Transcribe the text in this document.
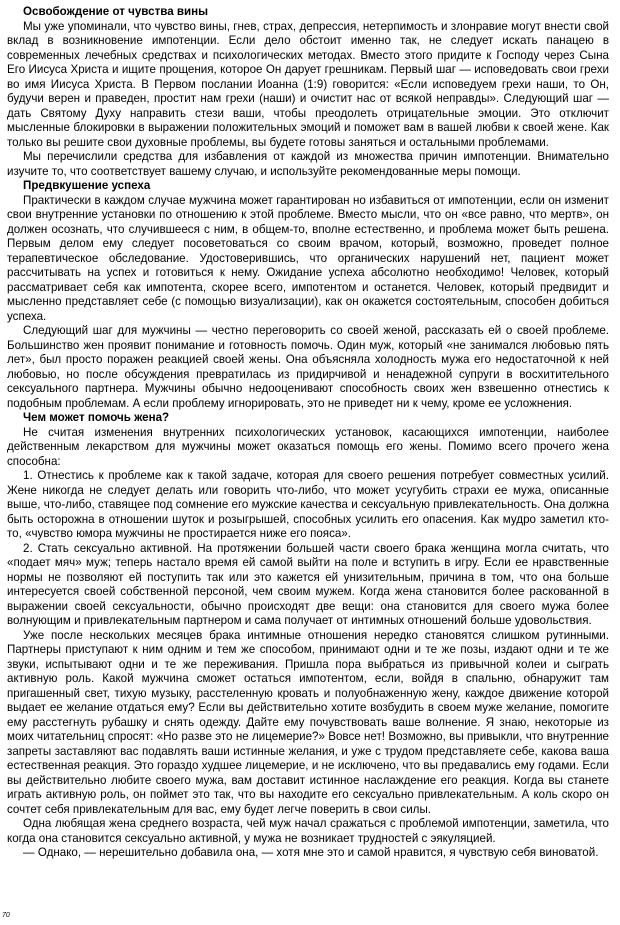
Освобождение от чувства вины

Мы уже упоминали, что чувство вины, гнев, страх, депрессия, нетерпимость и злонравие могут внести свой вклад в возникновение импотенции. Если дело обстоит именно так, не следует искать панацею в современных лечебных средствах и психологических методах. Вместо этого придите к Господу через Сына Его Иисуса Христа и ищите прощения, которое Он дарует грешникам. Первый шаг — исповедовать свои грехи во имя Иисуса Христа. В Первом послании Иоанна (1:9) говорится: «Если исповедуем грехи наши, то Он, будучи верен и праведен, простит нам грехи (наши) и очистит нас от всякой неправды». Следующий шаг — дать Святому Духу направить стези ваши, чтобы преодолеть отрицательные эмоции. Это отключит мысленные блокировки в выражении положительных эмоций и поможет вам в вашей любви к своей жене. Как только вы решите свои духовные проблемы, вы будете готовы заняться и остальными проблемами.

Мы перечислили средства для избавления от каждой из множества причин импотенции. Внимательно изучите то, что соответствует вашему случаю, и используйте рекомендованные меры помощи.

Предвкушение успеха

Практически в каждом случае мужчина может гарантирован но избавиться от импотенции, если он изменит свои внутренние установки по отношению к этой проблеме. Вместо мысли, что он «все равно, что мертв», он должен осознать, что случившееся с ним, в общем-то, вполне естественно, и проблема может быть решена. Первым делом ему следует посоветоваться со своим врачом, который, возможно, проведет полное терапевтическое обследование. Удостоверившись, что органических нарушений нет, пациент может рассчитывать на успех и готовиться к нему. Ожидание успеха абсолютно необходимо! Человек, который рассматривает себя как импотента, скорее всего, импотентом и останется. Человек, который предвидит и мысленно представляет себе (с помощью визуализации), как он окажется состоятельным, способен добиться успеха.

Следующий шаг для мужчины — честно переговорить со своей женой, рассказать ей о своей проблеме. Большинство жен проявит понимание и готовность помочь. Один муж, который «не занимался любовью пять лет», был просто поражен реакцией своей жены. Она объясняла холодность мужа его недостаточной к ней любовью, но после обсуждения превратилась из придирчивой и ненадежной супруги в восхитительного сексуального партнера. Мужчины обычно недооценивают способность своих жен взвешенно отнестись к подобным проблемам. А если проблему игнорировать, это не приведет ни к чему, кроме ее усложнения.

Чем может помочь жена?

Не считая изменения внутренних психологических установок, касающихся импотенции, наиболее действенным лекарством для мужчины может оказаться помощь его жены. Помимо всего прочего жена способна:

1. Отнестись к проблеме как к такой задаче, которая для своего решения потребует совместных усилий. Жене никогда не следует делать или говорить что-либо, что может усугубить страхи ее мужа, описанные выше, что-либо, ставящее под сомнение его мужские качества и сексуальную привлекательность. Она должна быть осторожна в отношении шуток и розыгрышей, способных усилить его опасения. Как мудро заметил кто-то, «чувство юмора мужчины не простирается ниже его пояса».

2. Стать сексуально активной. На протяжении большей части своего брака женщина могла считать, что «подает мяч» муж; теперь настало время ей самой выйти на поле и вступить в игру. Если ее нравственные нормы не позволяют ей поступить так или это кажется ей унизительным, причина в том, что она больше интересуется своей собственной персоной, чем своим мужем. Когда жена становится более раскованной в выражении своей сексуальности, обычно происходят две вещи: она становится для своего мужа более волнующим и привлекательным партнером и сама получает от интимных отношений больше удовольствия.

Уже после нескольких месяцев брака интимные отношения нередко становятся слишком рутинными. Партнеры приступают к ним одним и тем же способом, принимают одни и те же позы, издают одни и те же звуки, испытывают одни и те же переживания. Пришла пора выбраться из привычной колеи и сыграть активную роль. Какой мужчина сможет остаться импотентом, если, войдя в спальню, обнаружит там пригашенный свет, тихую музыку, расстеленную кровать и полуобнаженную жену, каждое движение которой выдает ее желание отдаться ему? Если вы действительно хотите возбудить в своем муже желание, помогите ему расстегнуть рубашку и снять одежду. Дайте ему почувствовать ваше волнение. Я знаю, некоторые из моих читательниц спросят: «Но разве это не лицемерие?» Вовсе нет! Возможно, вы привыкли, что внутренние запреты заставляют вас подавлять ваши истинные желания, и уже с трудом представляете себе, какова ваша естественная реакция. Это гораздо худшее лицемерие, и не исключено, что вы предавались ему годами. Если вы действительно любите своего мужа, вам доставит истинное наслаждение его реакция. Когда вы станете играть активную роль, он поймет это так, что вы находите его сексуально привлекательным. А коль скоро он сочтет себя привлекательным для вас, ему будет легче поверить в свои силы.

Одна любящая жена среднего возраста, чей муж начал сражаться с проблемой импотенции, заметила, что когда она становится сексуально активной, у мужа не возникает трудностей с эякуляцией.

— Однако, — нерешительно добавила она, — хотя мне это и самой нравится, я чувствую себя виноватой.

70
